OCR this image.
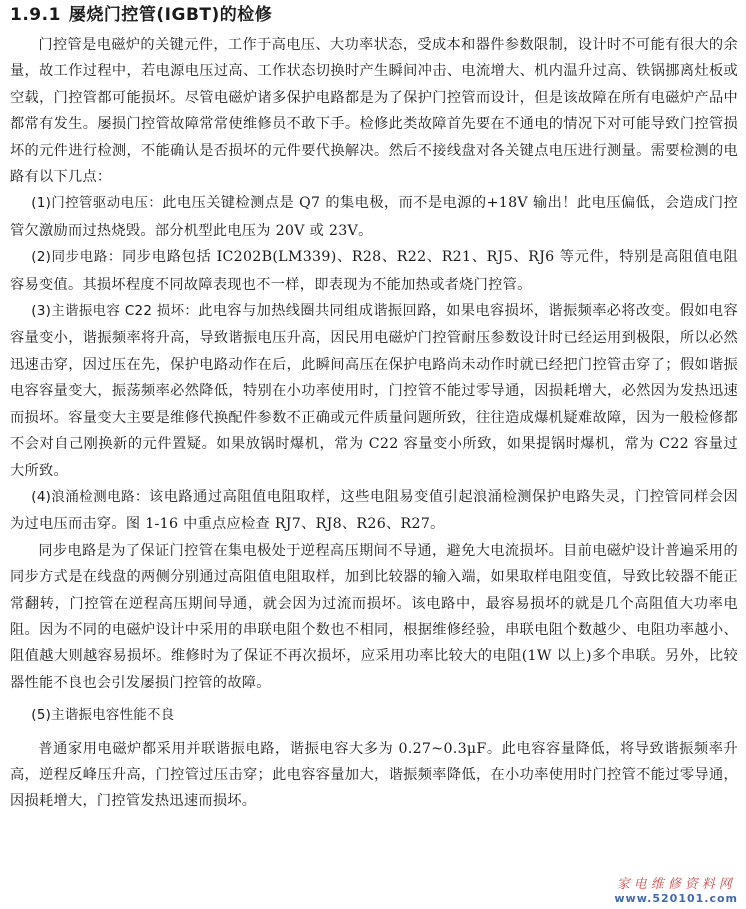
1.9.1 屡烧门控管(IGBT)的检修

门控管是电磁炉的关键元件，工作于高电压、大功率状态，受成本和器件参数限制，设计时不可能有很大的余量，故工作过程中，若电源电压过高、工作状态切换时产生瞬间冲击、电流增大、机内温升过高、铁锅挪离灶板或空载，门控管都可能损坏。尽管电磁炉诸多保护电路都是为了保护门控管而设计，但是该故障在所有电磁炉产品中都常有发生。屡损门控管故障常常使维修员不敢下手。检修此类故障首先要在不通电的情况下对可能导致门控管损坏的元件进行检测，不能确认是否损坏的元件要代换解决。然后不接线盘对各关键点电压进行测量。需要检测的电路有以下几点：

(1)门控管驱动电压：此电压关键检测点是 Q7 的集电极，而不是电源的+18V 输出！此电压偏低，会造成门控管欠激励而过热烧毁。部分机型此电压为 20V 或 23V。

(2)同步电路：同步电路包括 IC202B(LM339)、R28、R22、R21、RJ5、RJ6 等元件，特别是高阻值电阻容易变值。其损坏程度不同故障表现也不一样，即表现为不能加热或者烧门控管。

(3)主谐振电容 C22 损坏：此电容与加热线圈共同组成谐振回路，如果电容损坏，谐振频率必将改变。假如电容容量变小，谐振频率将升高，导致谐振电压升高，因民用电磁炉门控管耐压参数设计时已经运用到极限，所以必然迅速击穿，因过压在先，保护电路动作在后，此瞬间高压在保护电路尚未动作时就已经把门控管击穿了；假如谐振电容容量变大，振荡频率必然降低，特别在小功率使用时，门控管不能过零导通，因损耗增大，必然因为发热迅速而损坏。容量变大主要是维修代换配件参数不正确或元件质量问题所致，往往造成爆机疑难故障，因为一般检修都不会对自己刚换新的元件置疑。如果放锅时爆机，常为 C22 容量变小所致，如果提锅时爆机，常为 C22 容量过大所致。

(4)浪涌检测电路：该电路通过高阻值电阻取样，这些电阻易变值引起浪涌检测保护电路失灵，门控管同样会因为过电压而击穿。图 1-16 中重点应检查 RJ7、RJ8、R26、R27。

同步电路是为了保证门控管在集电极处于逆程高压期间不导通，避免大电流损坏。目前电磁炉设计普遍采用的同步方式是在线盘的两侧分别通过高阻值电阻取样，加到比较器的输入端，如果取样电阻变值，导致比较器不能正常翻转，门控管在逆程高压期间导通，就会因为过流而损坏。该电路中，最容易损坏的就是几个高阻值大功率电阻。因为不同的电磁炉设计中采用的串联电阻个数也不相同，根据维修经验，串联电阻个数越少、电阻功率越小、阻值越大则越容易损坏。维修时为了保证不再次损坏，应采用功率比较大的电阻(1W 以上)多个串联。另外，比较器性能不良也会引发屡损门控管的故障。

(5)主谐振电容性能不良

普通家用电磁炉都采用并联谐振电路，谐振电容大多为 0.27~0.3μF。此电容容量降低，将导致谐振频率升高，逆程反峰压升高，门控管过压击穿；此电容容量加大，谐振频率降低，在小功率使用时门控管不能过零导通，因损耗增大，门控管发热迅速而损坏。

家电维修资料网
www.520101.com
